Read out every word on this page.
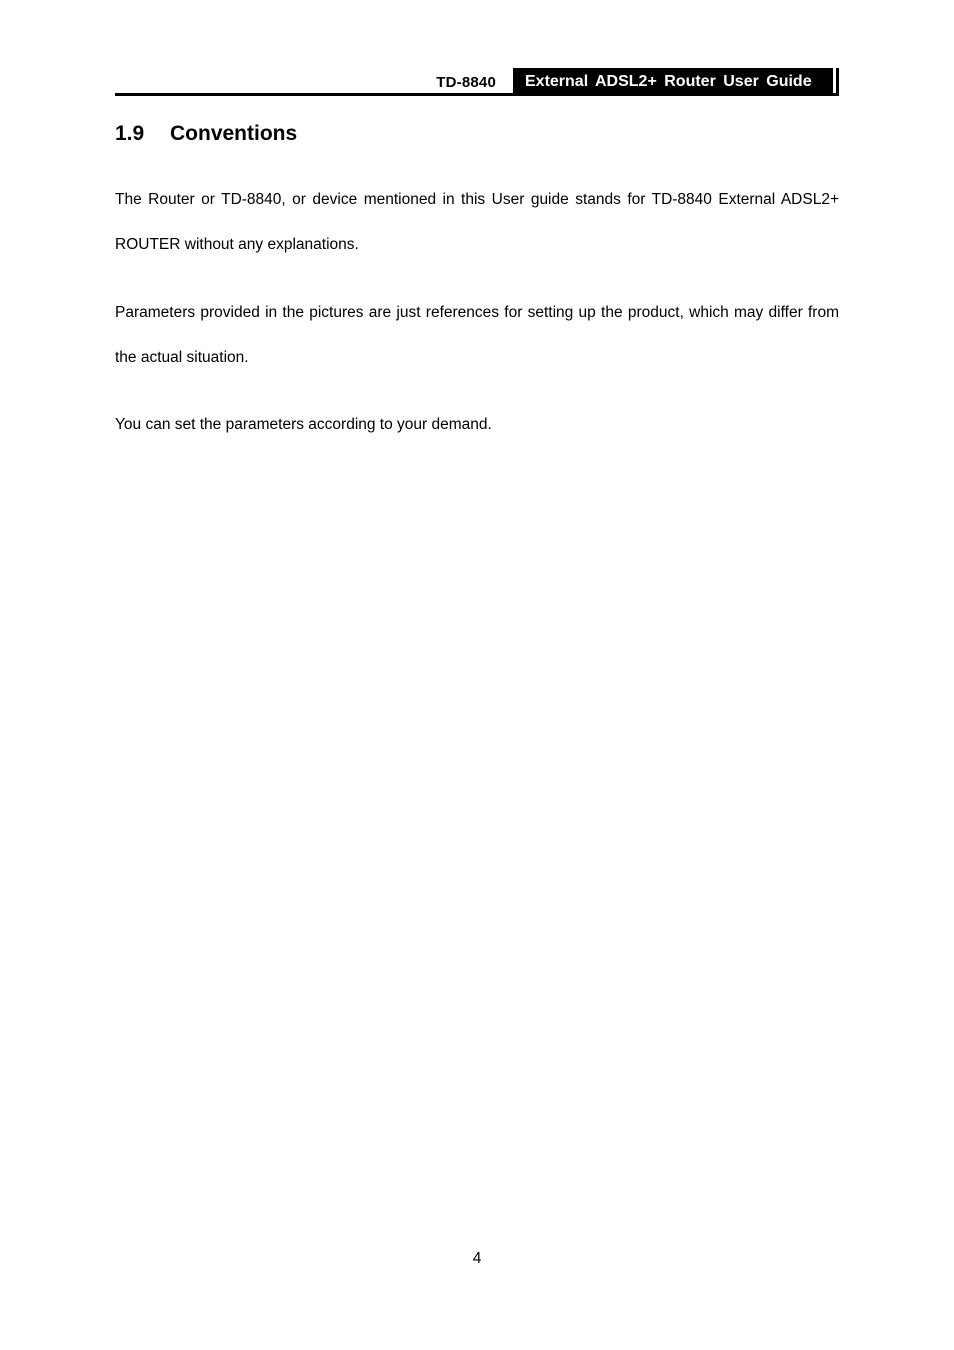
TD-8840 External ADSL2+ Router User Guide
1.9 Conventions
The Router or TD-8840, or device mentioned in this User guide stands for TD-8840 External ADSL2+ ROUTER without any explanations.
Parameters provided in the pictures are just references for setting up the product, which may differ from the actual situation.
You can set the parameters according to your demand.
4
